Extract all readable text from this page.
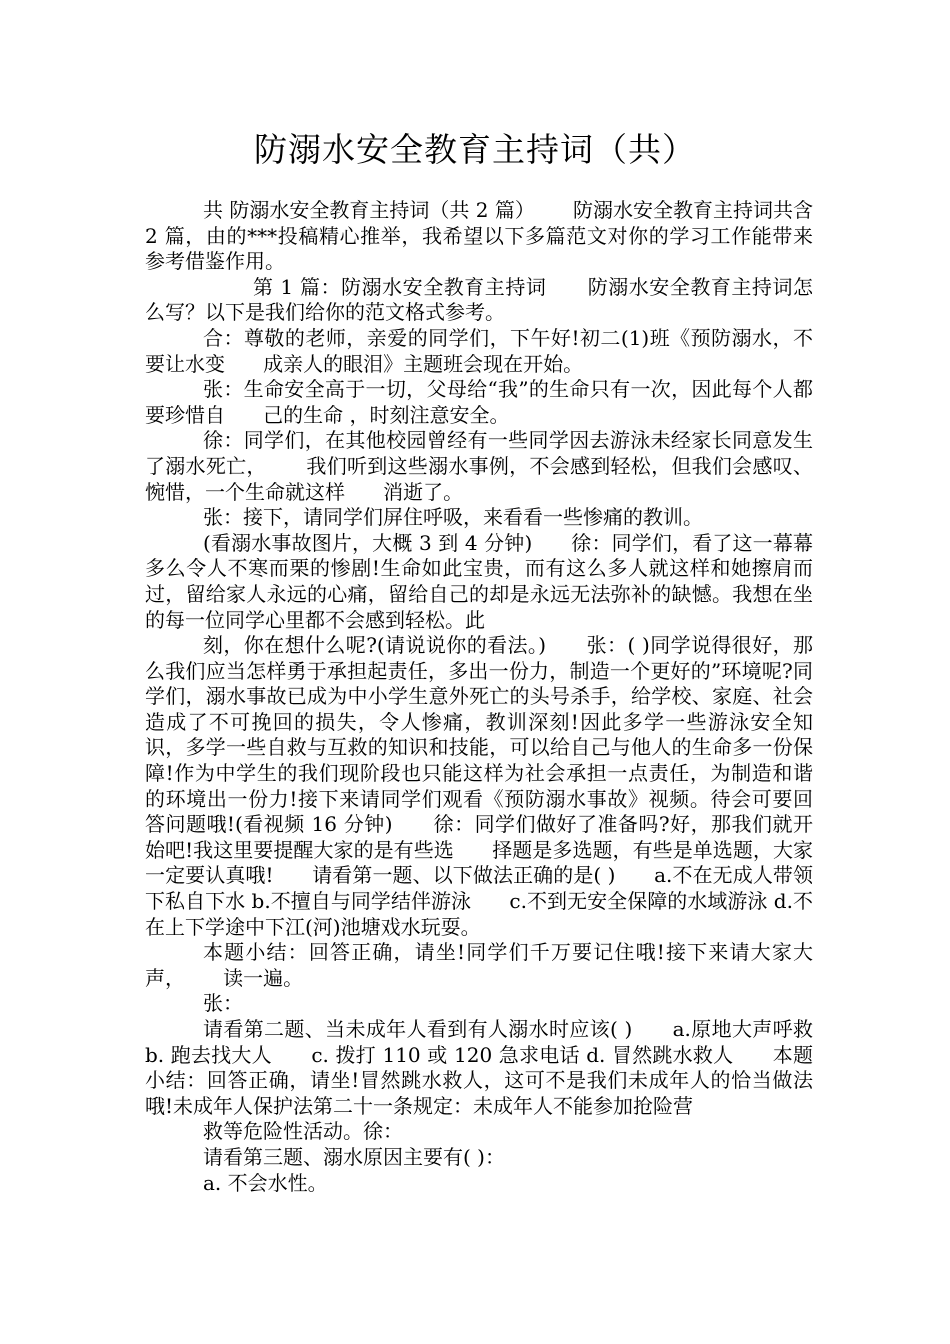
防溺水安全教育主持词（共）

共 防溺水安全教育主持词（共 2 篇）      防溺水安全教育主持词共含 2 篇，由的***投稿精心推举，我希望以下多篇范文对你的学习工作能带来参考借鉴作用。

第 1 篇：防溺水安全教育主持词      防溺水安全教育主持词怎么写？以下是我们给你的范文格式参考。

合：尊敬的老师，亲爱的同学们，下午好!初二(1)班《预防溺水，不要让水变      成亲人的眼泪》主题班会现在开始。

张：生命安全高于一切，父母给“我”的生命只有一次，因此每个人都要珍惜自      己的生命 ，时刻注意安全。

徐：同学们，在其他校园曾经有一些同学因去游泳未经家长同意发生了溺水死亡，      我们听到这些溺水事例，不会感到轻松，但我们会感叹、惋惜，一个生命就这样      消逝了。

张：接下，请同学们屏住呼吸，来看看一些惨痛的教训。

(看溺水事故图片，大概 3 到 4 分钟)      徐：同学们，看了这一幕幕多么令人不寒而栗的惨剧!生命如此宝贵，而有这么多人就这样和她擦肩而过，留给家人永远的心痛，留给自己的却是永远无法弥补的缺憾。我想在坐的每一位同学心里都不会感到轻松。此

刻，你在想什么呢?(请说说你的看法。)      张：( )同学说得很好，那么我们应当怎样勇于承担起责任，多出一份力，制造一个更好的”环境呢?同学们，溺水事故已成为中小学生意外死亡的头号杀手，给学校、家庭、社会造成了不可挽回的损失，令人惨痛，教训深刻!因此多学一些游泳安全知识，多学一些自救与互救的知识和技能，可以给自己与他人的生命多一份保障!作为中学生的我们现阶段也只能这样为社会承担一点责任，为制造和谐的环境出一份力!接下来请同学们观看《预防溺水事故》视频。待会可要回答问题哦!(看视频 16 分钟)      徐：同学们做好了准备吗?好，那我们就开始吧!我这里要提醒大家的是有些选      择题是多选题，有些是单选题，大家一定要认真哦!      请看第一题、以下做法正确的是( )      a.不在无成人带领下私自下水 b.不擅自与同学结伴游泳      c.不到无安全保障的水域游泳 d.不在上下学途中下江(河)池塘戏水玩耍。

本题小结：回答正确，请坐!同学们千万要记住哦!接下来请大家大声，      读一遍。

张：

请看第二题、当未成年人看到有人溺水时应该( )      a.原地大声呼救 b. 跑去找大人      c. 拨打 110 或 120 急求电话 d. 冒然跳水救人      本题小结：回答正确，请坐!冒然跳水救人，这可不是我们未成年人的恰当做法哦!未成年人保护法第二十一条规定：未成年人不能参加抢险营

救等危险性活动。徐：

请看第三题、溺水原因主要有( )：

a. 不会水性。
